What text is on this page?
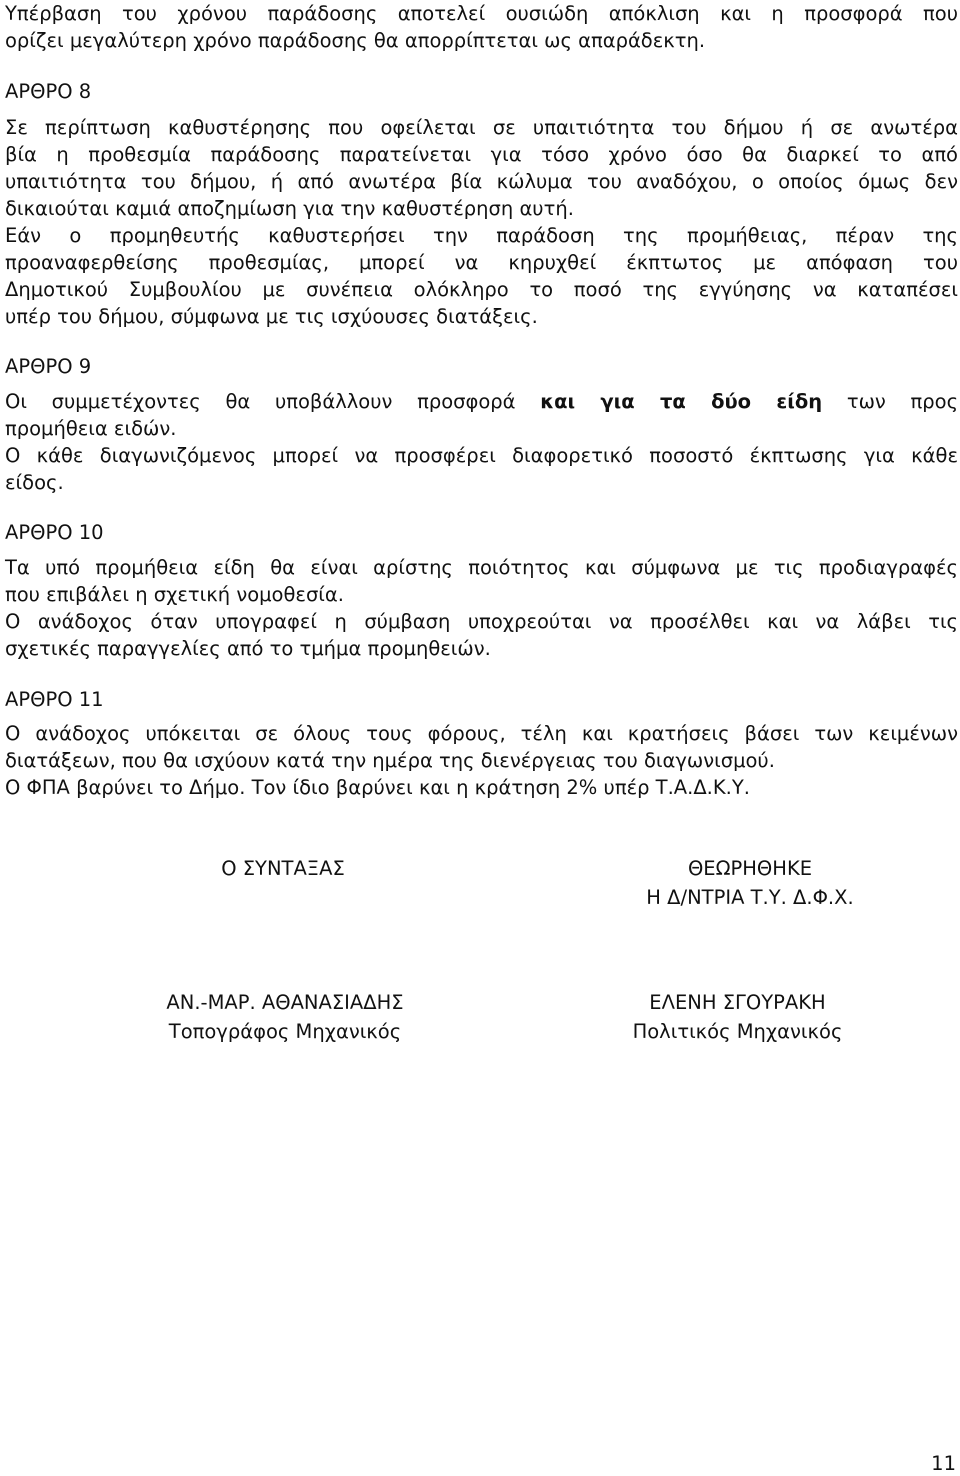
Υπέρβαση του χρόνου παράδοσης αποτελεί ουσιώδη απόκλιση και η προσφορά που
ορίζει μεγαλύτερη χρόνο παράδοσης θα απορρίπτεται ως απαράδεκτη.
ΑΡΘΡΟ 8
Σε περίπτωση καθυστέρησης που οφείλεται σε υπαιτιότητα του δήμου ή σε ανωτέρα
βία η προθεσμία παράδοσης παρατείνεται για τόσο χρόνο όσο θα διαρκεί το από
υπαιτιότητα του δήμου, ή από ανωτέρα βία κώλυμα του αναδόχου, ο οποίος όμως δεν
δικαιούται καμιά αποζημίωση για την καθυστέρηση αυτή.
Εάν ο προμηθευτής καθυστερήσει την παράδοση της προμήθειας, πέραν της
προαναφερθείσης προθεσμίας, μπορεί να κηρυχθεί έκπτωτος με απόφαση του
Δημοτικού Συμβουλίου με συνέπεια ολόκληρο το ποσό της εγγύησης να καταπέσει
υπέρ του δήμου, σύμφωνα με τις ισχύουσες διατάξεις.
ΑΡΘΡΟ 9
Οι συμμετέχοντες θα υποβάλλουν προσφορά και για τα δύο είδη των προς
προμήθεια ειδών.
Ο κάθε διαγωνιζόμενος μπορεί να προσφέρει διαφορετικό ποσοστό έκπτωσης για κάθε
είδος.
ΑΡΘΡΟ 10
Τα υπό προμήθεια είδη θα είναι αρίστης ποιότητος και σύμφωνα με τις προδιαγραφές
που επιβάλει η σχετική νομοθεσία.
Ο ανάδοχος όταν υπογραφεί η σύμβαση υποχρεούται να προσέλθει και να λάβει τις
σχετικές παραγγελίες από το τμήμα προμηθειών.
ΑΡΘΡΟ 11
Ο ανάδοχος υπόκειται σε όλους τους φόρους, τέλη και κρατήσεις βάσει των κειμένων
διατάξεων, που θα ισχύουν κατά την ημέρα της διενέργειας του διαγωνισμού.
Ο ΦΠΑ βαρύνει το Δήμο. Τον ίδιο βαρύνει και η κράτηση 2% υπέρ Τ.Α.Δ.Κ.Υ.
Ο ΣΥΝΤΑΞΑΣ	ΘΕΩΡΗΘΗΚΕ
Η Δ/ΝΤΡΙΑ Τ.Υ. Δ.Φ.Χ.
ΑΝ.-ΜΑΡ. ΑΘΑΝΑΣΙΑΔΗΣ
Τοπογράφος Μηχανικός
ΕΛΕΝΗ ΣΓΟΥΡΑΚΗ
Πολιτικός Μηχανικός
11
